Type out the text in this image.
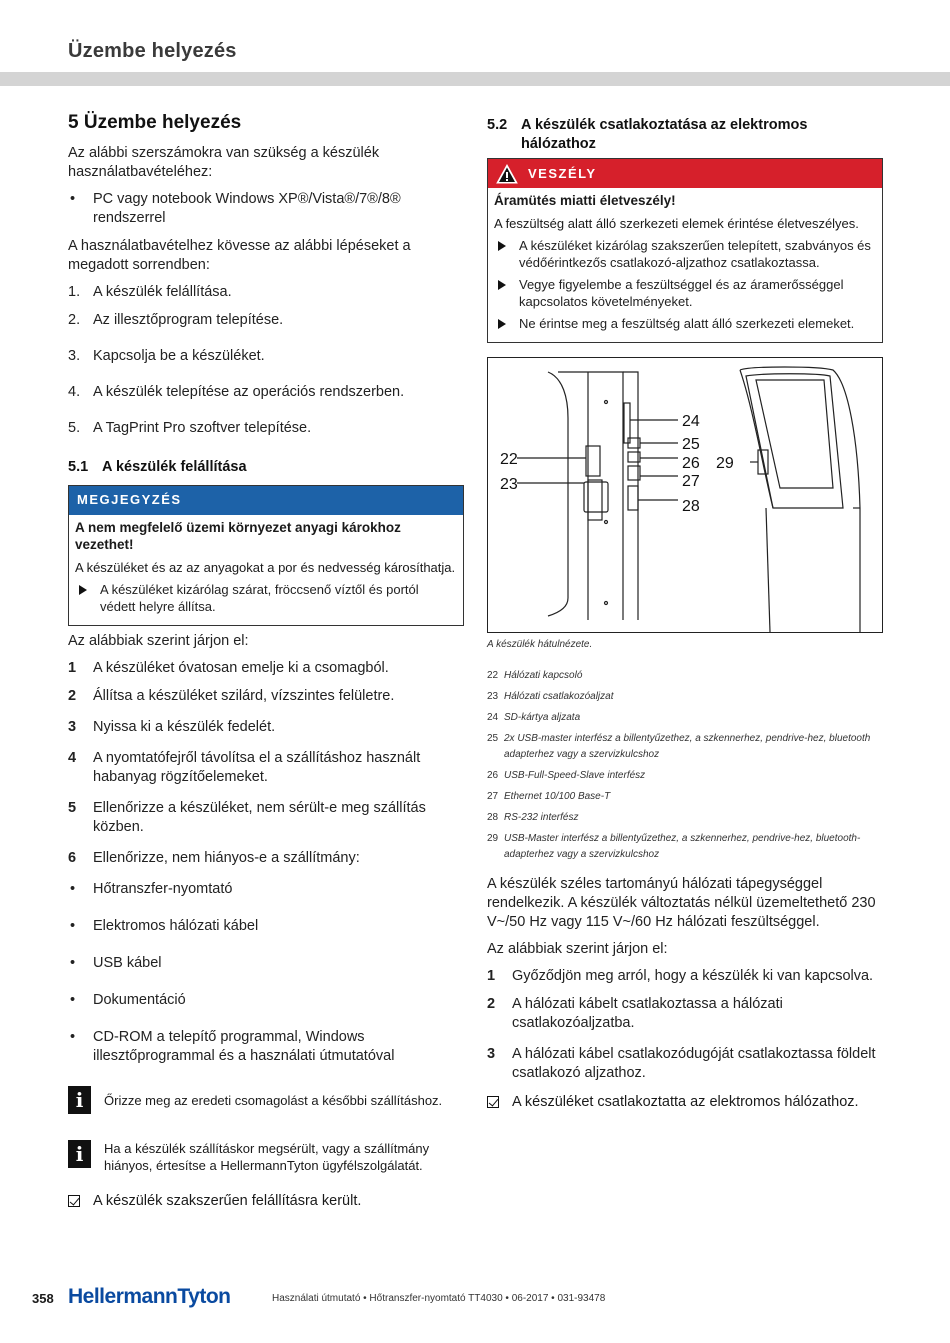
Üzembe helyezés
5 Üzembe helyezés

Az alábbi szerszámokra van szükség a készülék használatbavételéhez:

• PC vagy notebook Windows XP®/Vista®/7®/8® rendszerrel

A használatbavételhez kövesse az alábbi lépéseket a megadott sorrendben:

1. A készülék felállítása.
2. Az illesztőprogram telepítése.
3. Kapcsolja be a készüléket.
4. A készülék telepítése az operációs rendszerben.
5. A TagPrint Pro szoftver telepítése.
5.1 A készülék felállítása
MEGJEGYZÉS
A nem megfelelő üzemi környezet anyagi károkhoz vezethet!
A készüléket és az az anyagokat a por és nedvesség károsíthatja.
A készüléket kizárólag szárat, fröccsenő víztől és portól védett helyre állítsa.

Az alábbiak szerint járjon el:

1 A készüléket óvatosan emelje ki a csomagból.
2 Állítsa a készüléket szilárd, vízszintes felületre.
3 Nyissa ki a készülék fedelét.
4 A nyomtatófejről távolítsa el a szállításhoz használt habanyag rögzítőelemeket.
5 Ellenőrizze a készüléket, nem sérült-e meg szállítás közben.
6 Ellenőrizze, nem hiányos-e a szállítmány:
• Hőtranszfer-nyomtató
• Elektromos hálózati kábel
• USB kábel
• Dokumentáció
• CD-ROM a telepítő programmal, Windows illesztőprogrammal és a használati útmutatóval
i	Őrizze meg az eredeti csomagolást a későbbi szállításhoz.
i	Ha a készülék szállításkor megsérült, vagy a szállítmány hiányos, értesítse a HellermannTyton ügyfélszolgálatát.
A készülék szakszerűen felállításra került.
5.2 A készülék csatlakoztatása az elektromos hálózathoz
VESZÉLY
Áramütés miatti életveszély!
A feszültség alatt álló szerkezeti elemek érintése életveszélyes.
A készüléket kizárólag szakszerűen telepített, szabványos és védőérintkezős csatlakozó-aljzathoz csatlakoztassa.
Vegye figyelembe a feszültséggel és az áramerősséggel kapcsolatos követelményeket.
Ne érintse meg a feszültség alatt álló szerkezeti elemeket.
22
23
24
25
26
27
28
29
A készülék hátulnézete.
22 Hálózati kapcsoló
23 Hálózati csatlakozóaljzat
24 SD-kártya aljzata
25 2x USB-master interfész a billentyűzethez, a szkennerhez, pendrive-hez, bluetooth adapterhez vagy a szervizkulcshoz
26 USB-Full-Speed-Slave interfész
27 Ethernet 10/100 Base-T
28 RS-232 interfész
29 USB-Master interfész a billentyűzethez, a szkennerhez, pendrive-hez, bluetooth-adapterhez vagy a szervizkulcshoz

A készülék széles tartományú hálózati tápegységgel rendelkezik. A készülék változtatás nélkül üzemeltethető 230 V~/50 Hz vagy 115 V~/60 Hz hálózati feszültséggel.

Az alábbiak szerint járjon el:

1 Győződjön meg arról, hogy a készülék ki van kapcsolva.
2 A hálózati kábelt csatlakoztassa a hálózati csatlakozóaljzatba.
3 A hálózati kábel csatlakozódugóját csatlakoztassa földelt csatlakozó aljzathoz.
A készüléket csatlakoztatta az elektromos hálózathoz.
358 HellermannTyton	Használati útmutató • Hőtranszfer-nyomtató TT4030 • 06-2017 • 031-93478
